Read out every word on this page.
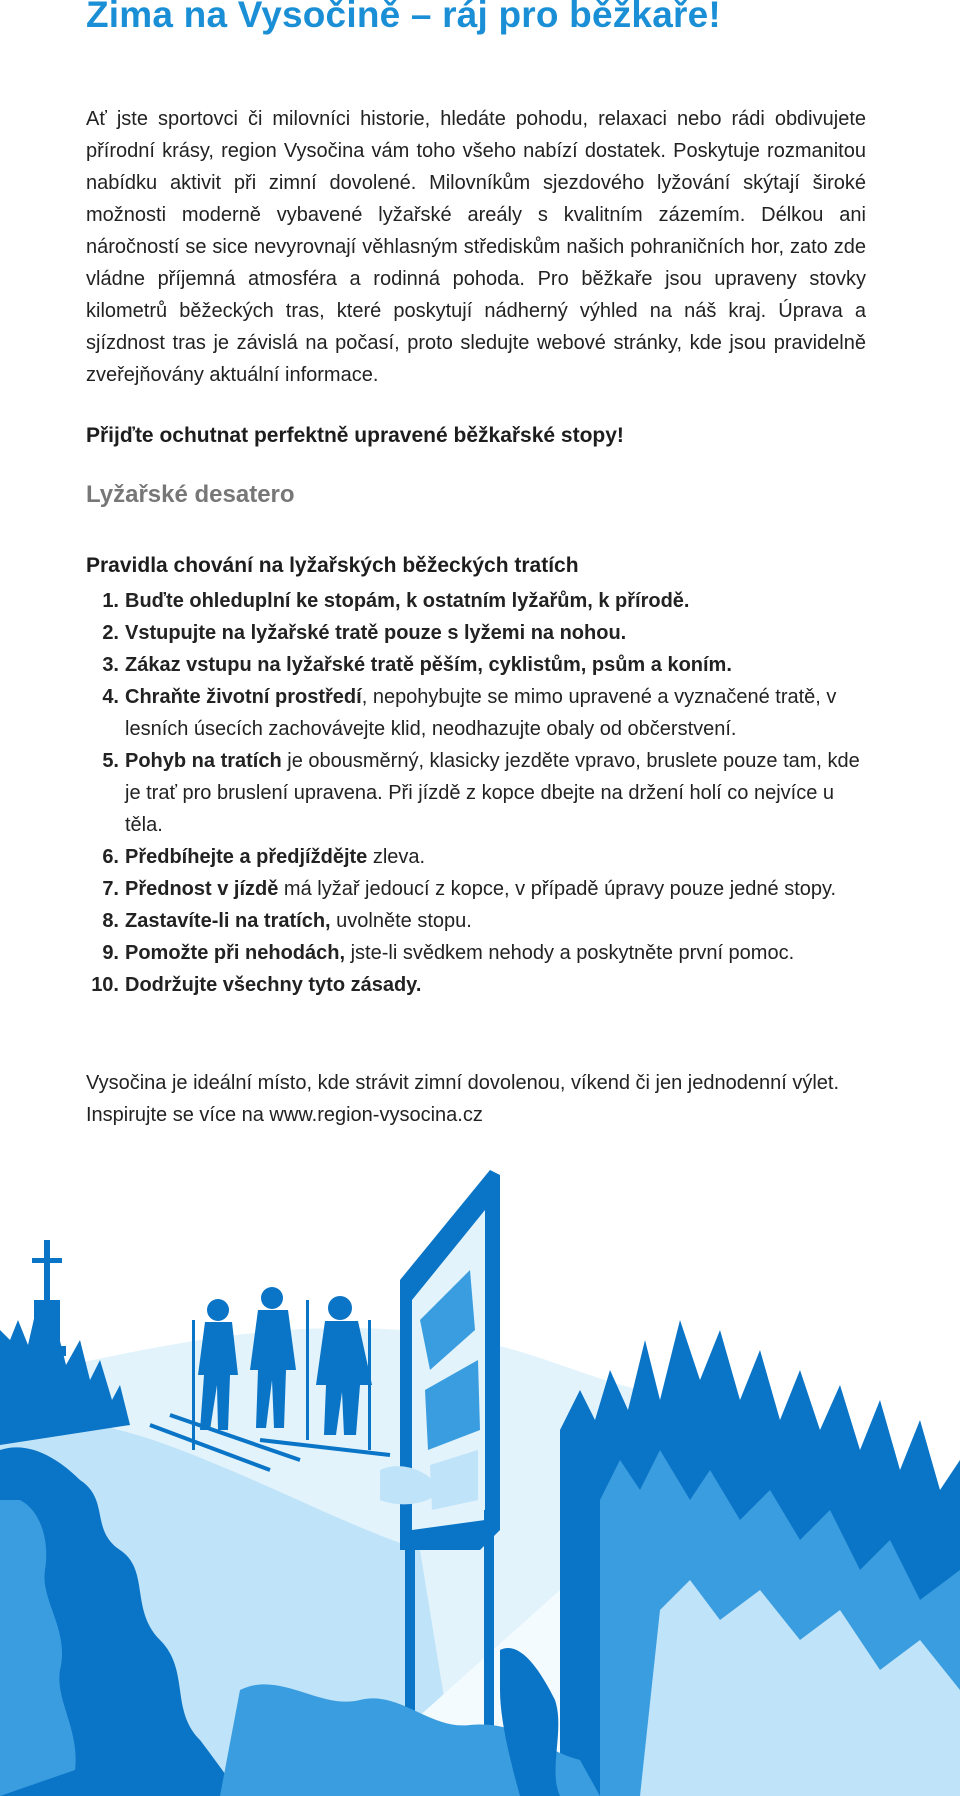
Zima na Vysočině – ráj pro běžkaře!

Ať jste sportovci či milovníci historie, hledáte pohodu, relaxaci nebo rádi obdivujete přírodní krásy, region Vysočina vám toho všeho nabízí dostatek. Poskytuje rozmanitou nabídku aktivit při zimní dovolené. Milovníkům sjezdového lyžování skýtají široké možnosti moderně vybavené lyžařské areály s kvalitním zázemím. Délkou ani náročností se sice nevyrovnají věhlasným střediskům našich pohraničních hor, zato zde vládne příjemná atmosféra a rodinná pohoda. Pro běžkaře jsou upraveny stovky kilometrů běžeckých tras, které poskytují nádherný výhled na náš kraj. Úprava a sjízdnost tras je závislá na počasí, proto sledujte webové stránky, kde jsou pravidelně zveřejňovány aktuální informace.

Přijďte ochutnat perfektně upravené běžkařské stopy!

Lyžařské desatero

Pravidla chování na lyžařských běžeckých tratích

1. Buďte ohleduplní ke stopám, k ostatním lyžařům, k přírodě.
2. Vstupujte na lyžařské tratě pouze s lyžemi na nohou.
3. Zákaz vstupu na lyžařské tratě pěším, cyklistům, psům a koním.
4. Chraňte životní prostředí, nepohybujte se mimo upravené a vyznačené tratě, v lesních úsecích zachovávejte klid, neodhazujte obaly od občerstvení.
5. Pohyb na tratích je obousměrný, klasicky jezděte vpravo, bruslete pouze tam, kde je trať pro bruslení upravena. Při jízdě z kopce dbejte na držení holí co nejvíce u těla.
6. Předbíhejte a předjíždějte zleva.
7. Přednost v jízdě má lyžař jedoucí z kopce, v případě úpravy pouze jedné stopy.
8. Zastavíte-li na tratích, uvolněte stopu.
9. Pomožte při nehodách, jste-li svědkem nehody a poskytněte první pomoc.
10. Dodržujte všechny tyto zásady.

Vysočina je ideální místo, kde strávit zimní dovolenou, víkend či jen jednodenní výlet. Inspirujte se více na www.region-vysocina.cz
